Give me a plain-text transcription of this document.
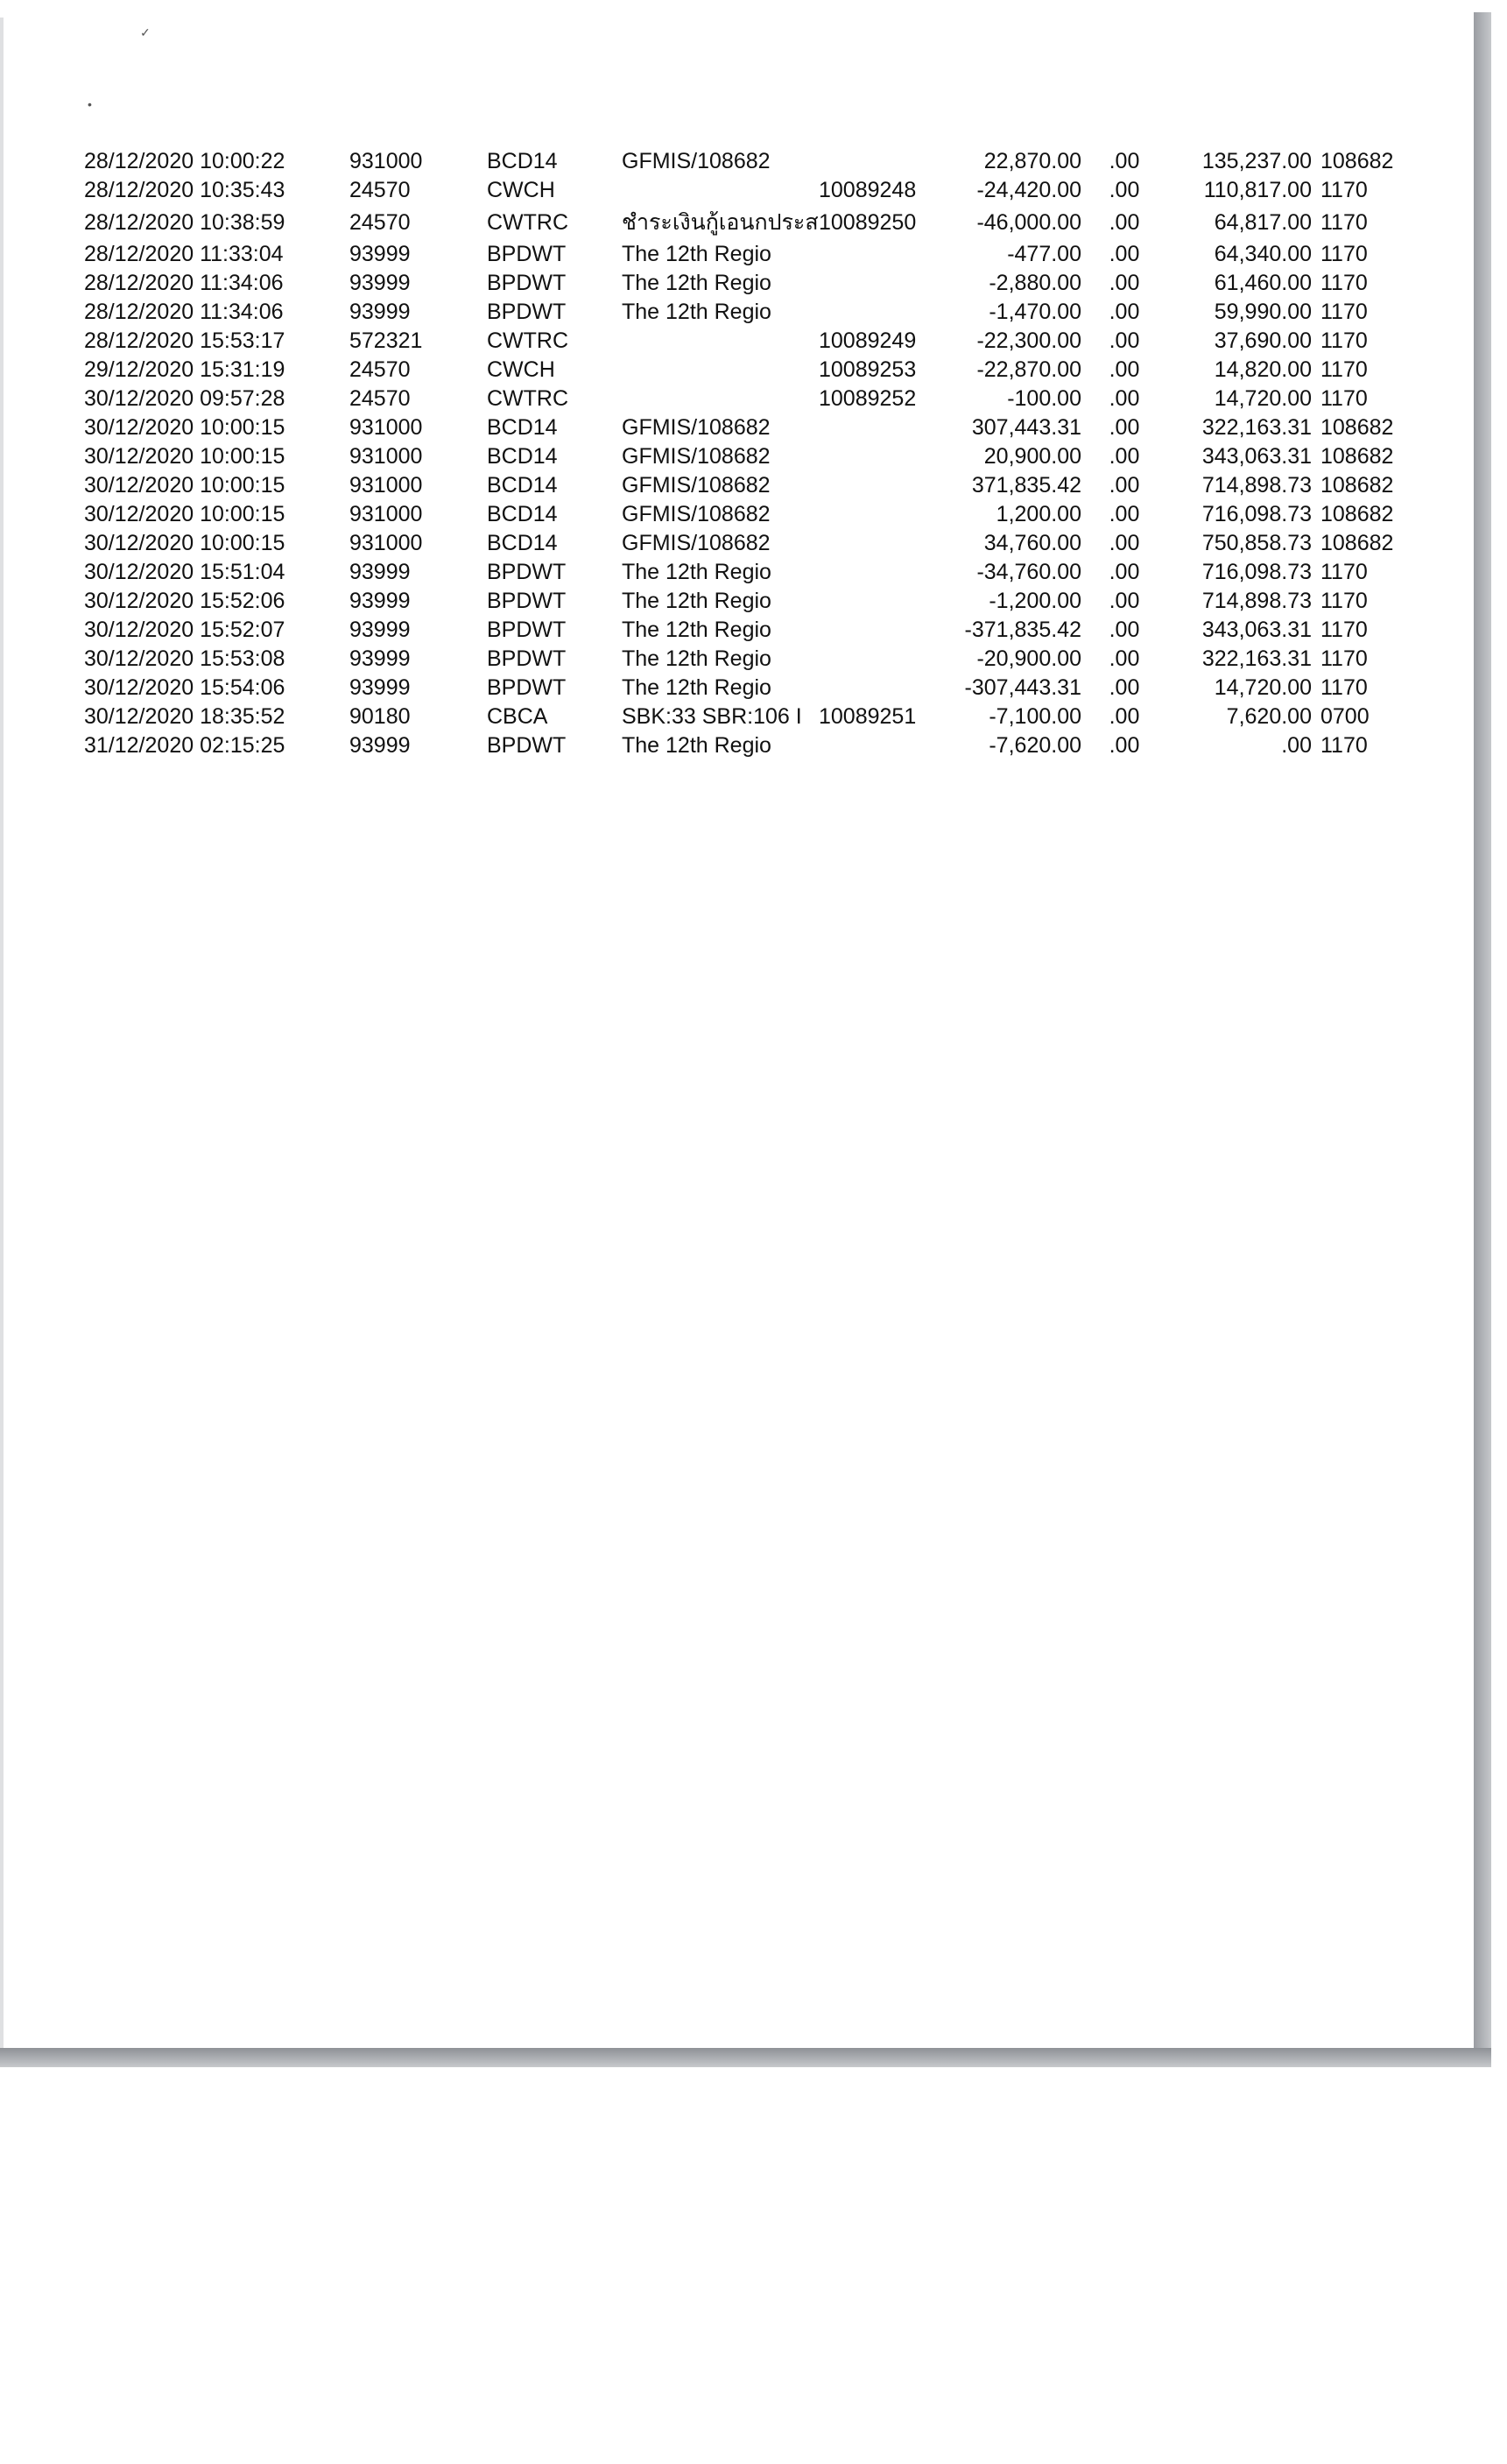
✓
•
28/12/2020 10:00:22	931000	BCD14	GFMIS/108682		22,870.00	.00	135,237.00	108682
28/12/2020 10:35:43	24570	CWCH		10089248	-24,420.00	.00	110,817.00	1170
28/12/2020 10:38:59	24570	CWTRC	ชำระเงินกู้เอนกประส	10089250	-46,000.00	.00	64,817.00	1170
28/12/2020 11:33:04	93999	BPDWT	The 12th Regio		-477.00	.00	64,340.00	1170
28/12/2020 11:34:06	93999	BPDWT	The 12th Regio		-2,880.00	.00	61,460.00	1170
28/12/2020 11:34:06	93999	BPDWT	The 12th Regio		-1,470.00	.00	59,990.00	1170
28/12/2020 15:53:17	572321	CWTRC		10089249	-22,300.00	.00	37,690.00	1170
29/12/2020 15:31:19	24570	CWCH		10089253	-22,870.00	.00	14,820.00	1170
30/12/2020 09:57:28	24570	CWTRC		10089252	-100.00	.00	14,720.00	1170
30/12/2020 10:00:15	931000	BCD14	GFMIS/108682		307,443.31	.00	322,163.31	108682
30/12/2020 10:00:15	931000	BCD14	GFMIS/108682		20,900.00	.00	343,063.31	108682
30/12/2020 10:00:15	931000	BCD14	GFMIS/108682		371,835.42	.00	714,898.73	108682
30/12/2020 10:00:15	931000	BCD14	GFMIS/108682		1,200.00	.00	716,098.73	108682
30/12/2020 10:00:15	931000	BCD14	GFMIS/108682		34,760.00	.00	750,858.73	108682
30/12/2020 15:51:04	93999	BPDWT	The 12th Regio		-34,760.00	.00	716,098.73	1170
30/12/2020 15:52:06	93999	BPDWT	The 12th Regio		-1,200.00	.00	714,898.73	1170
30/12/2020 15:52:07	93999	BPDWT	The 12th Regio		-371,835.42	.00	343,063.31	1170
30/12/2020 15:53:08	93999	BPDWT	The 12th Regio		-20,900.00	.00	322,163.31	1170
30/12/2020 15:54:06	93999	BPDWT	The 12th Regio		-307,443.31	.00	14,720.00	1170
30/12/2020 18:35:52	90180	CBCA	SBK:33 SBR:106 I	10089251	-7,100.00	.00	7,620.00	0700
31/12/2020 02:15:25	93999	BPDWT	The 12th Regio		-7,620.00	.00	.00	1170
